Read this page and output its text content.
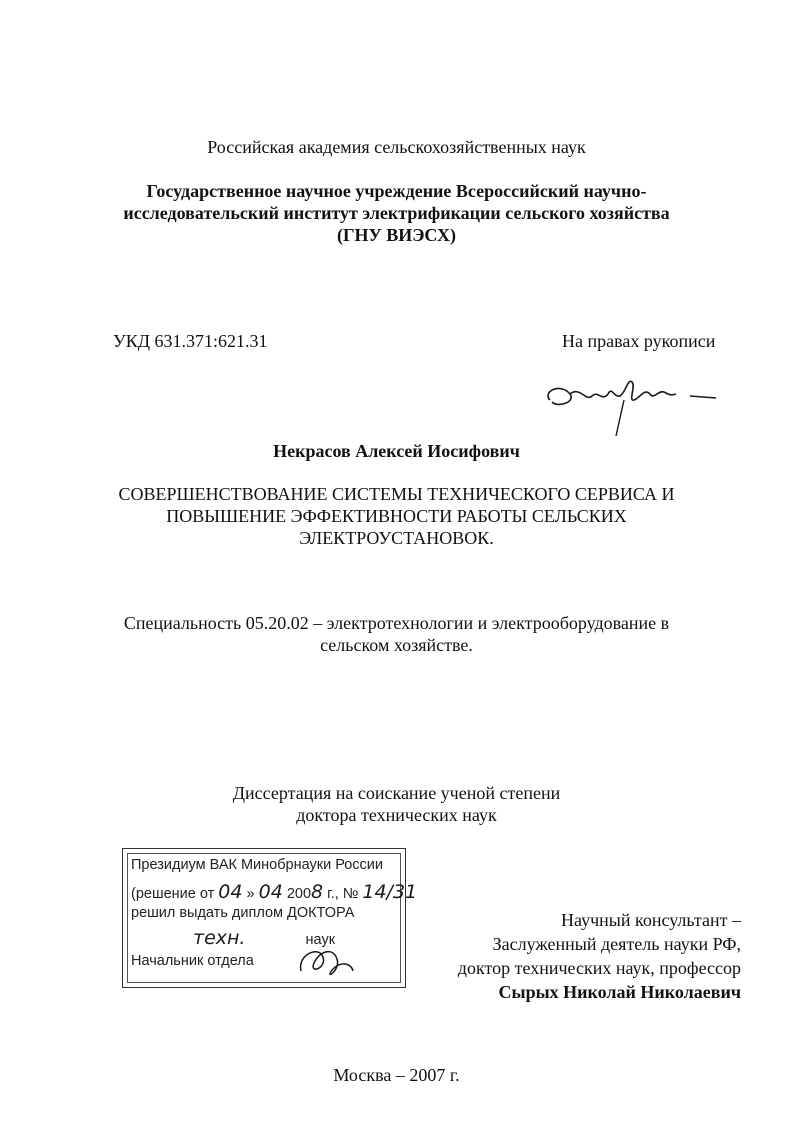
Российская академия сельскохозяйственных наук
Государственное научное учреждение Всероссийский научно-
исследовательский институт электрификации сельского хозяйства
(ГНУ ВИЭСХ)
УКД 631.371:621.31	На правах рукописи
Некрасов Алексей Иосифович
СОВЕРШЕНСТВОВАНИЕ СИСТЕМЫ ТЕХНИЧЕСКОГО СЕРВИСА И
ПОВЫШЕНИЕ ЭФФЕКТИВНОСТИ РАБОТЫ СЕЛЬСКИХ
ЭЛЕКТРОУСТАНОВОК.
Специальность 05.20.02 – электротехнологии и электрооборудование в
сельском хозяйстве.
Диссертация на соискание ученой степени
доктора технических наук
Президиум ВАК Минобрнауки России
(решение от 04 » 04 2008 г., № 14/31
решил выдать диплом ДОКТОРА
техн.	наук
Начальник отдела
Научный консультант –
Заслуженный деятель науки РФ,
доктор технических наук, профессор
Сырых Николай Николаевич
Москва – 2007 г.
